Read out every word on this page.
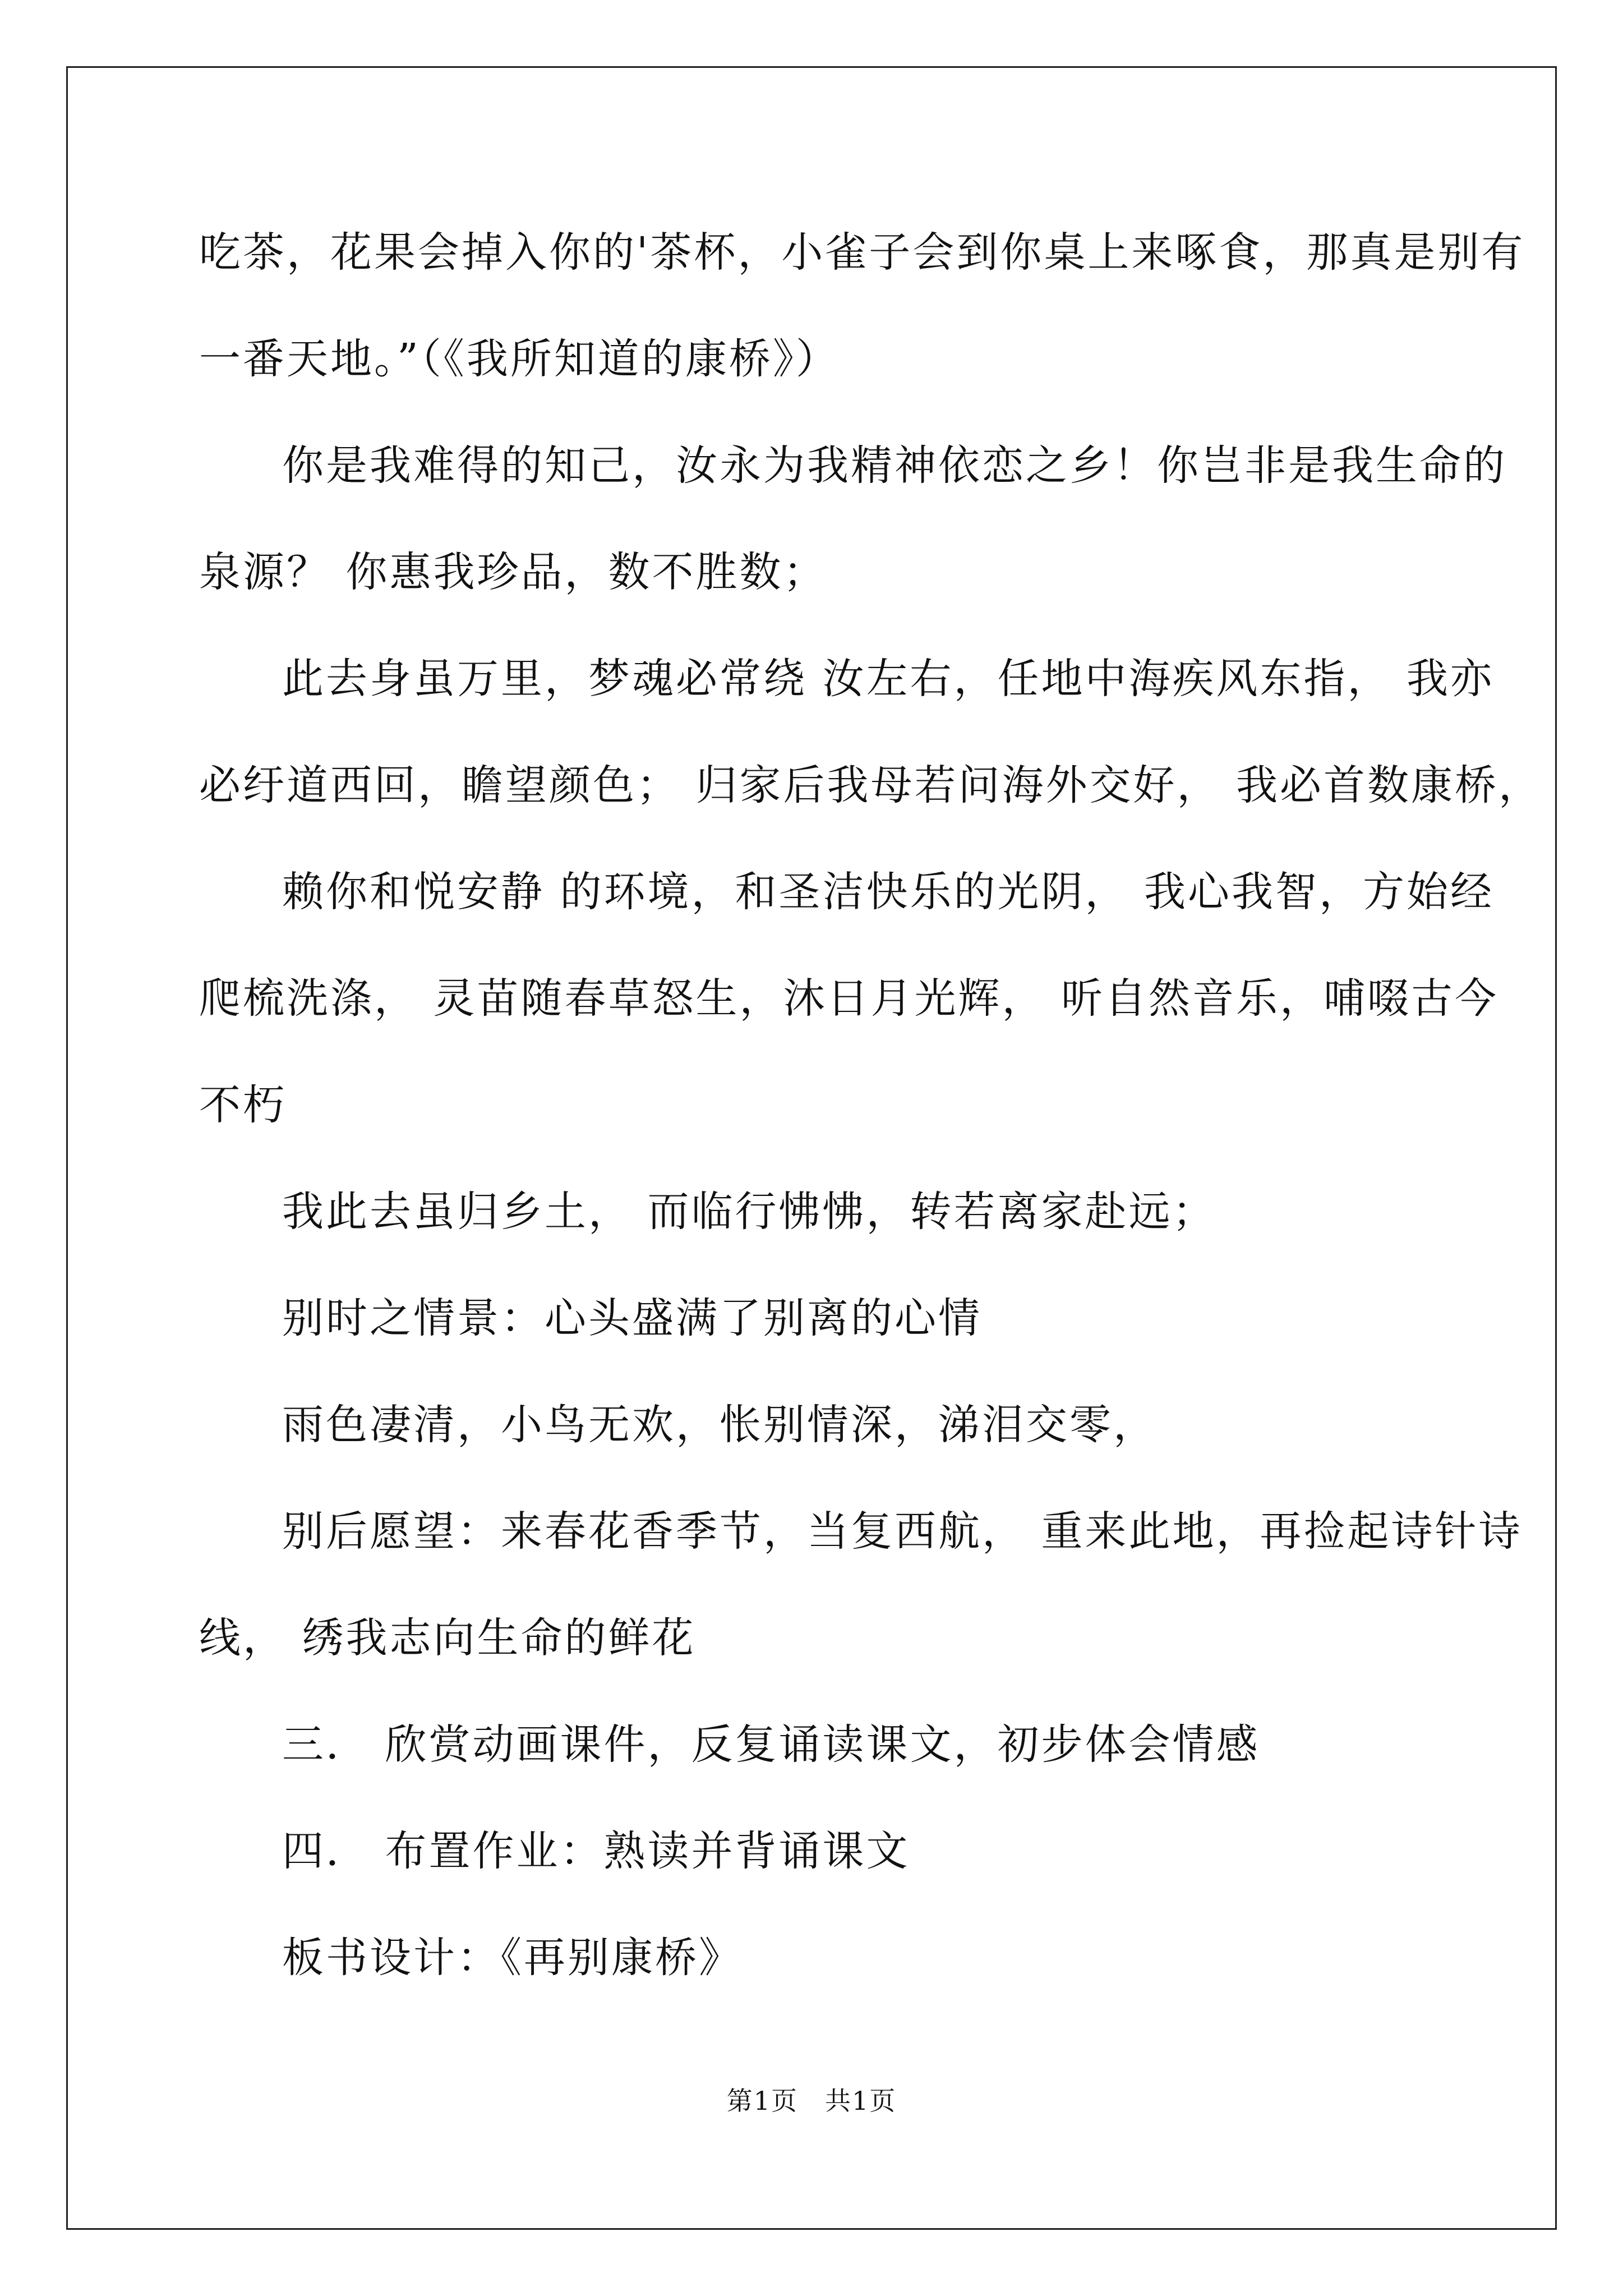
吃茶，花果会掉入你的'茶杯，小雀子会到你桌上来啄食，那真是别有
一番天地。”（《我所知道的康桥》）
你是我难得的知己，汝永为我精神依恋之乡！你岂非是我生命的
泉源？ 你惠我珍品，数不胜数；
此去身虽万里，梦魂必常绕 汝左右，任地中海疾风东指， 我亦
必纡道西回，瞻望颜色； 归家后我母若问海外交好， 我必首数康桥，
赖你和悦安静 的环境，和圣洁快乐的光阴， 我心我智，方始经
爬梳洗涤， 灵苗随春草怒生，沐日月光辉， 听自然音乐，哺啜古今
不朽
我此去虽归乡土， 而临行怫怫，转若离家赴远；
别时之情景：心头盛满了别离的心情
雨色凄清，小鸟无欢，怅别情深，涕泪交零，
别后愿望：来春花香季节，当复西航， 重来此地，再捡起诗针诗
线， 绣我志向生命的鲜花
三． 欣赏动画课件，反复诵读课文，初步体会情感
四． 布置作业：熟读并背诵课文
板书设计：《再别康桥》
第1页　共1页
